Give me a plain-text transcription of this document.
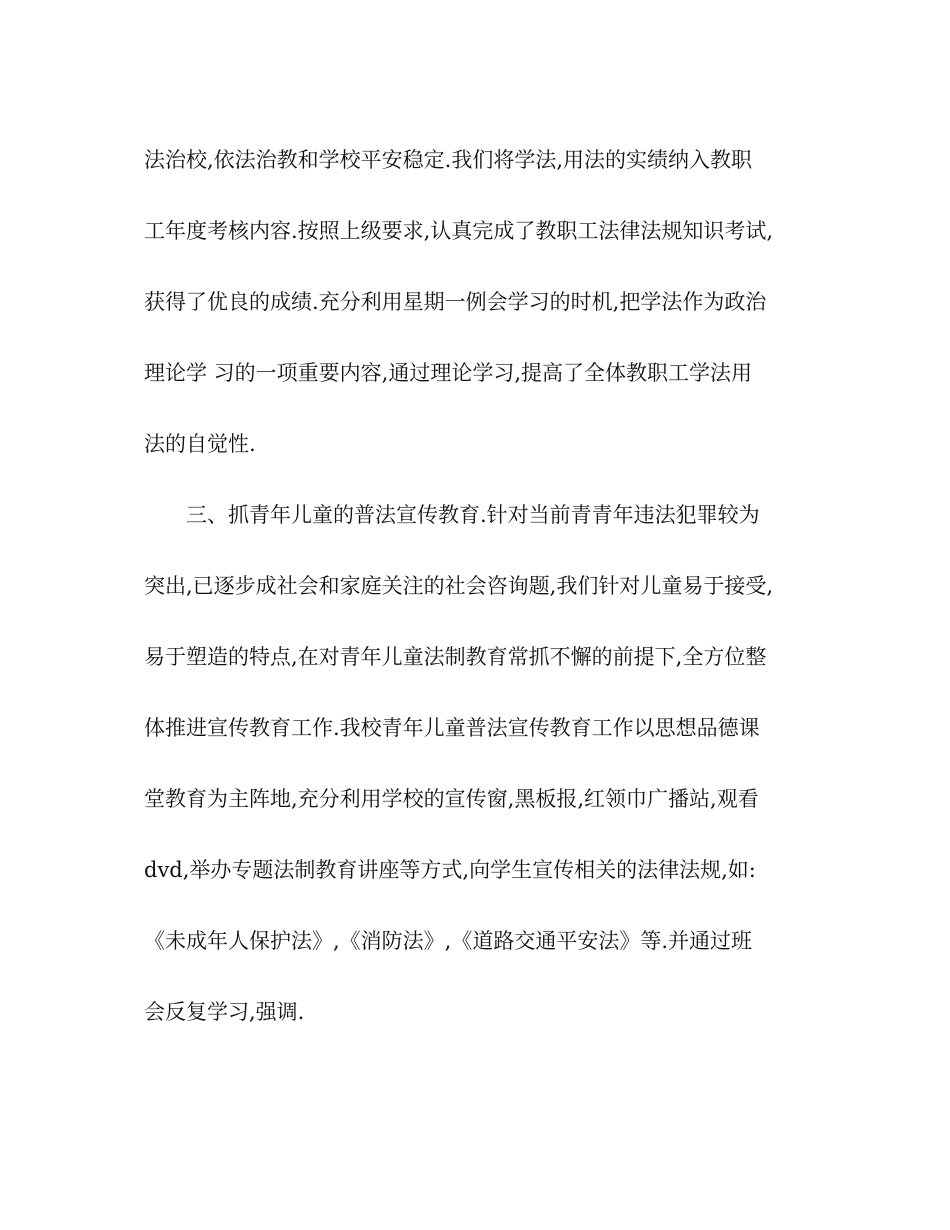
法治校,依法治教和学校平安稳定.我们将学法,用法的实绩纳入教职
工年度考核内容.按照上级要求,认真完成了教职工法律法规知识考试,
获得了优良的成绩.充分利用星期一例会学习的时机,把学法作为政治
理论学 习的一项重要内容,通过理论学习,提高了全体教职工学法用
法的自觉性.
三、抓青年儿童的普法宣传教育.针对当前青青年违法犯罪较为
突出,已逐步成社会和家庭关注的社会咨询题,我们针对儿童易于接受,
易于塑造的特点,在对青年儿童法制教育常抓不懈的前提下,全方位整
体推进宣传教育工作.我校青年儿童普法宣传教育工作以思想品德课
堂教育为主阵地,充分利用学校的宣传窗,黑板报,红领巾广播站,观看
dvd,举办专题法制教育讲座等方式,向学生宣传相关的法律法规,如:
《未成年人保护法》,《消防法》,《道路交通平安法》等.并通过班
会反复学习,强调.
